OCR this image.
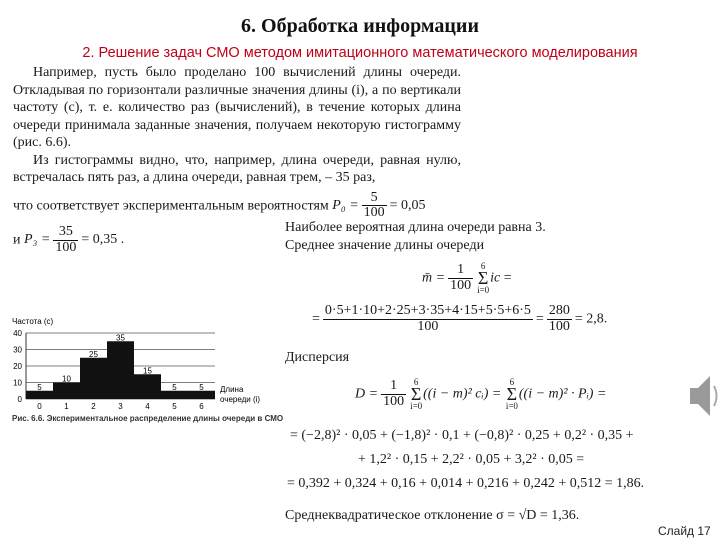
6. Обработка информации
2. Решение задач СМО методом имитационного математического моделирования
Например, пусть было проделано 100 вычислений длины очереди. Откладывая по горизонтали различные значения длины (i), а по вертикали частоту (c), т. е. количество раз (вычислений), в течение которых длина очереди принимала заданные значения, получаем некоторую гистограмму (рис. 6.6).
Из гистограммы видно, что, например, длина очереди, равная нулю, встречалась пять раз, а длина очереди, равная трем, – 35 раз,
что соответствует экспериментальным вероятностям $P_0 = \frac{5}{100} = 0,05$
и $P_3 = \frac{35}{100} = 0,35$ .
Наиболее вероятная длина очереди равна 3.
Среднее значение длины очереди
m̄ = $\frac{1}{100} 6$
Σ
i=0ic =
= $\frac{0\cdot 5+1\cdot 10+2\cdot 25+3\cdot 35+4\cdot 15+5\cdot 5+6\cdot 5}{100} = \frac{280}{100} = 2,8$.
Дисперсия
$D = \frac{1}{100} 6$
Σ
i=0((i − m)² cᵢ) = 6
Σ
i=0((i − m)² · Pᵢ) =
= (−2,8)² · 0,05 + (−1,8)² · 0,1 + (−0,8)² · 0,25 + 0,2² · 0,35 +
+ 1,2² · 0,15 + 2,2² · 0,05 + 3,2² · 0,05 =
= 0,392 + 0,324 + 0,16 + 0,014 + 0,216 + 0,242 + 0,512 = 1,86.
Среднеквадратическое отклонение σ = √D = 1,36.
Частота (c)
0
10
20
30
40
5
0
10
1
25
2
35
3
15
4
5
5
5
6
Длина
очереди (i)
Рис. 6.6. Экспериментальное распределение длины очереди в СМО
Слайд 17
